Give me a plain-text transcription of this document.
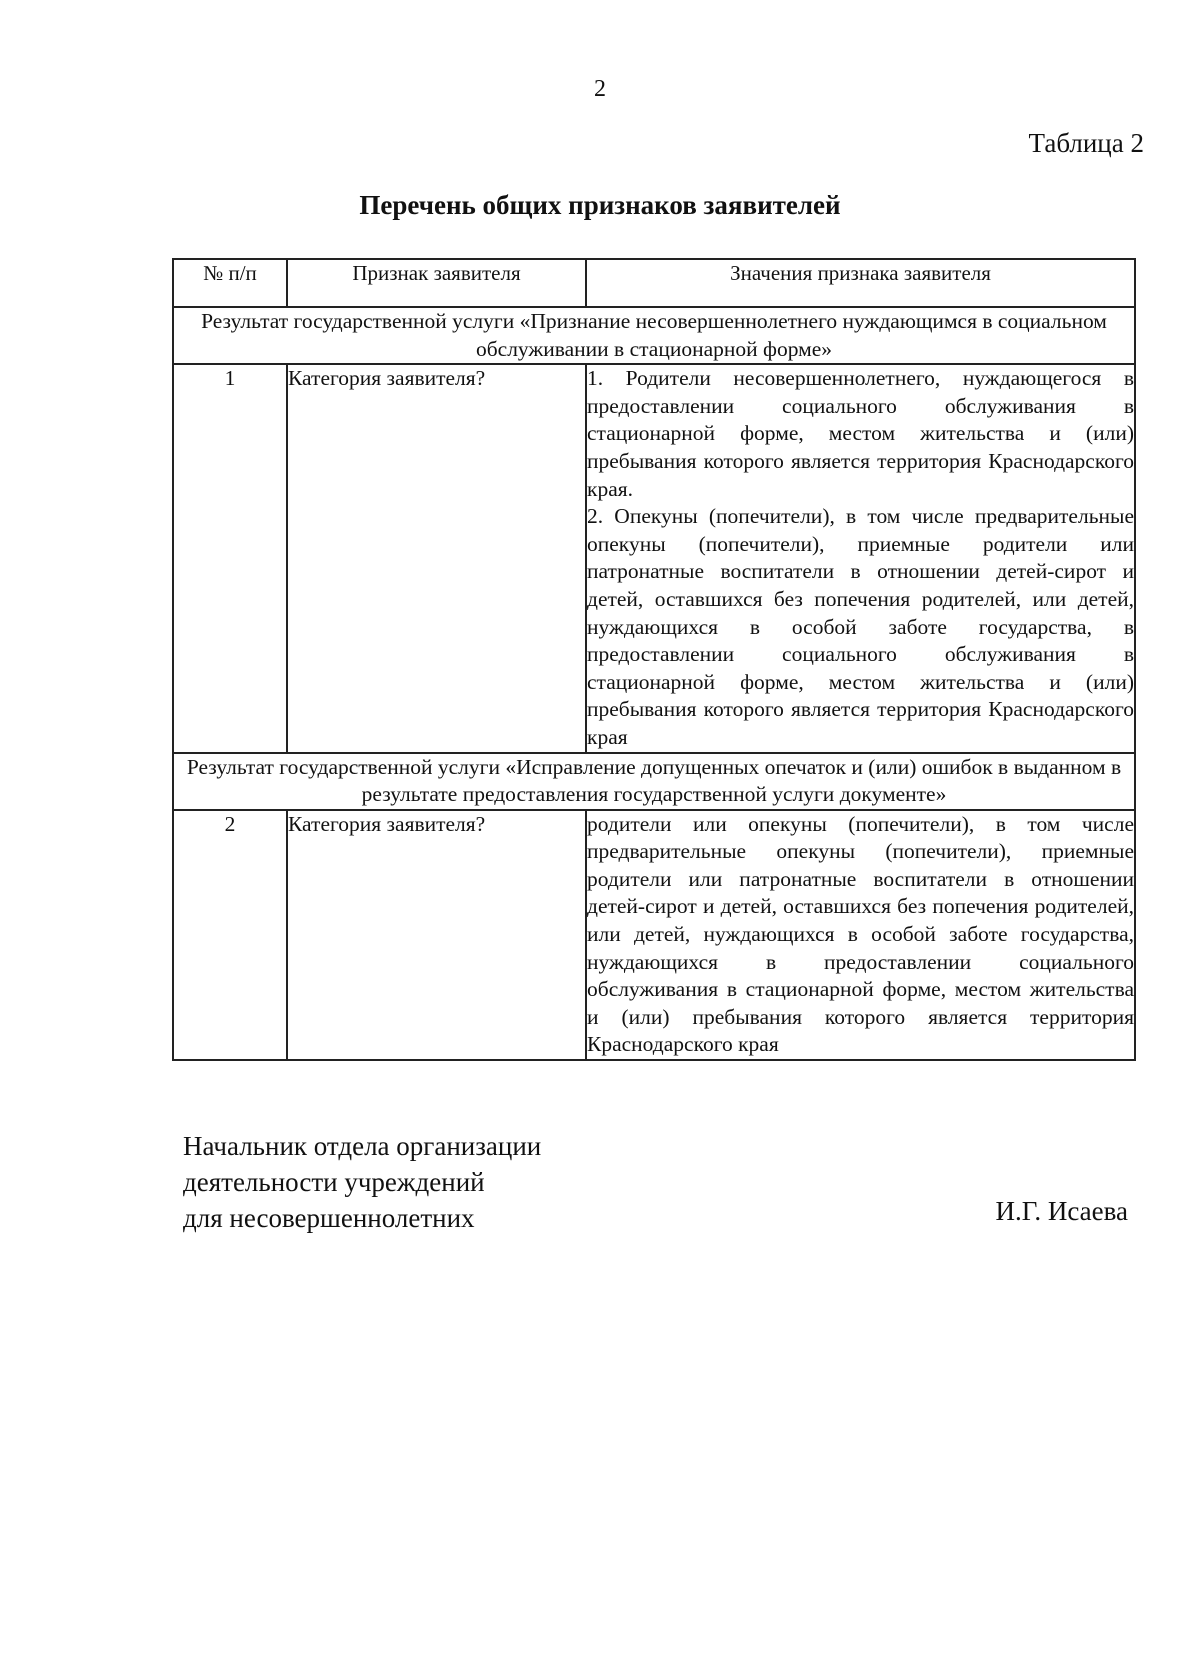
2
Таблица 2
Перечень общих признаков заявителей
№ п/п	Признак заявителя	Значения признака заявителя
Результат государственной услуги «Признание несовершеннолетнего нуждающимся в социальном обслуживании в стационарной форме»		
1	Категория заявителя?	1. Родители несовершеннолетнего, нуждающегося в предоставлении социального обслуживания в стационарной форме, местом жительства и (или) пребывания которого является территория Краснодарского края.

2. Опекуны (попечители), в том числе предварительные опекуны (попечители), приемные родители или патронатные воспитатели в отношении детей-сирот и детей, оставшихся без попечения родителей, или детей, нуждающихся в особой заботе государства, в предоставлении социального обслуживания в стационарной форме, местом жительства и (или) пребывания которого является территория Краснодарского края

Результат государственной услуги «Исправление допущенных опечаток и (или) ошибок в выданном в результате предоставления государственной услуги документе»		
2	Категория заявителя?	родители или опекуны (попечители), в том числе предварительные опекуны (попечители), приемные родители или патронатные воспитатели в отношении детей-сирот и детей, оставшихся без попечения родителей, или детей, нуждающихся в особой заботе государства, нуждающихся в предоставлении социального обслуживания в стационарной форме, местом жительства и (или) пребывания которого является территория Краснодарского края

Начальник отдела организации
деятельности учреждений
для несовершеннолетних	И.Г. Исаева
